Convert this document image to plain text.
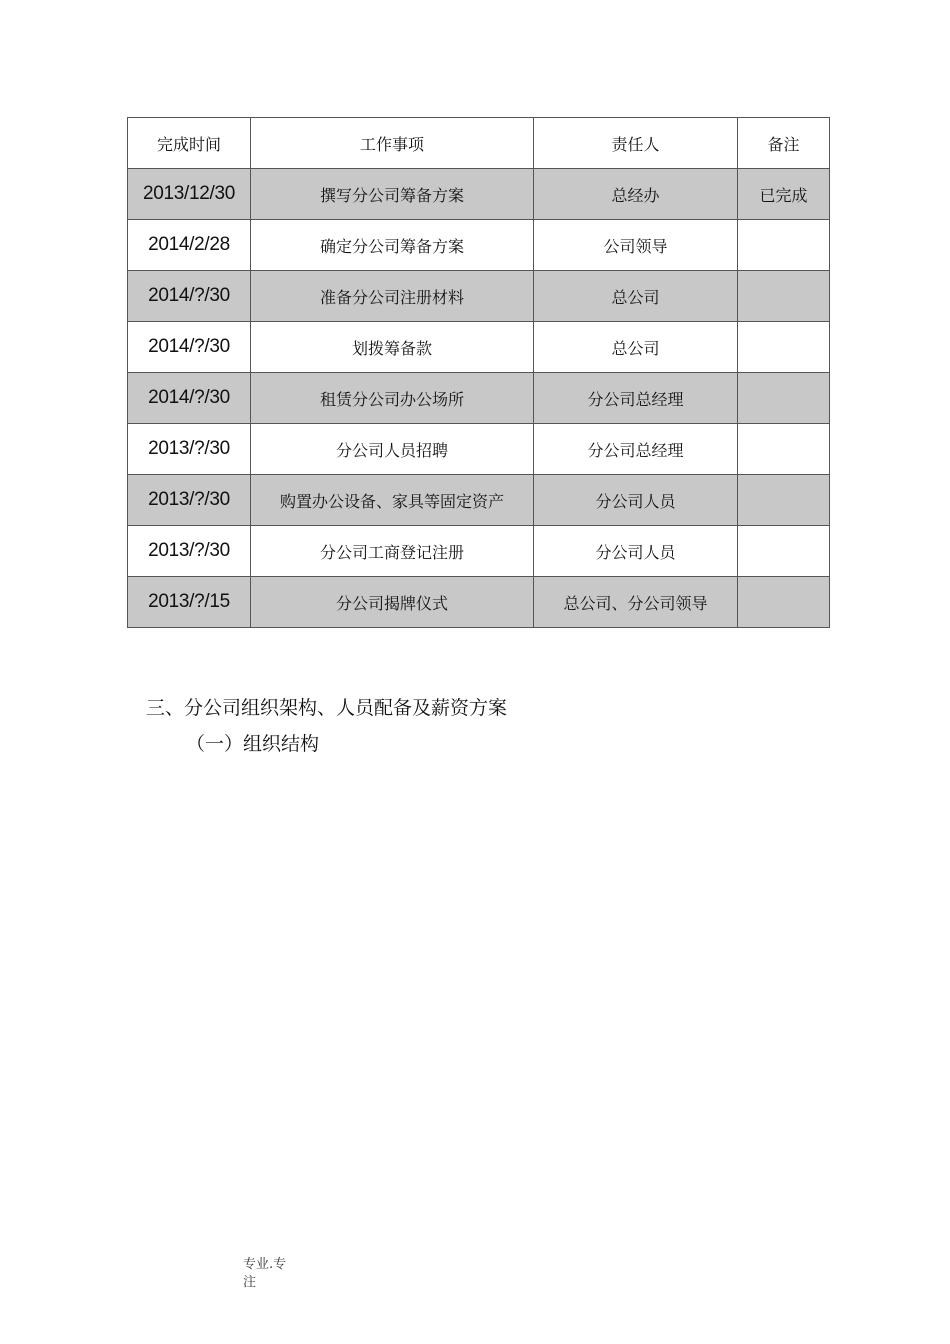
完成时间	工作事项	责任人	备注
2013/12/30	撰写分公司筹备方案	总经办	已完成
2014/2/28	确定分公司筹备方案	公司领导	
2014/?/30	准备分公司注册材料	总公司	
2014/?/30	划拨筹备款	总公司	
2014/?/30	租赁分公司办公场所	分公司总经理	
2013/?/30	分公司人员招聘	分公司总经理	
2013/?/30	购置办公设备、家具等固定资产	分公司人员	
2013/?/30	分公司工商登记注册	分公司人员	
2013/?/15	分公司揭牌仪式	总公司、分公司领导	
三、分公司组织架构、人员配备及薪资方案
（一）组织结构
专业.专注
